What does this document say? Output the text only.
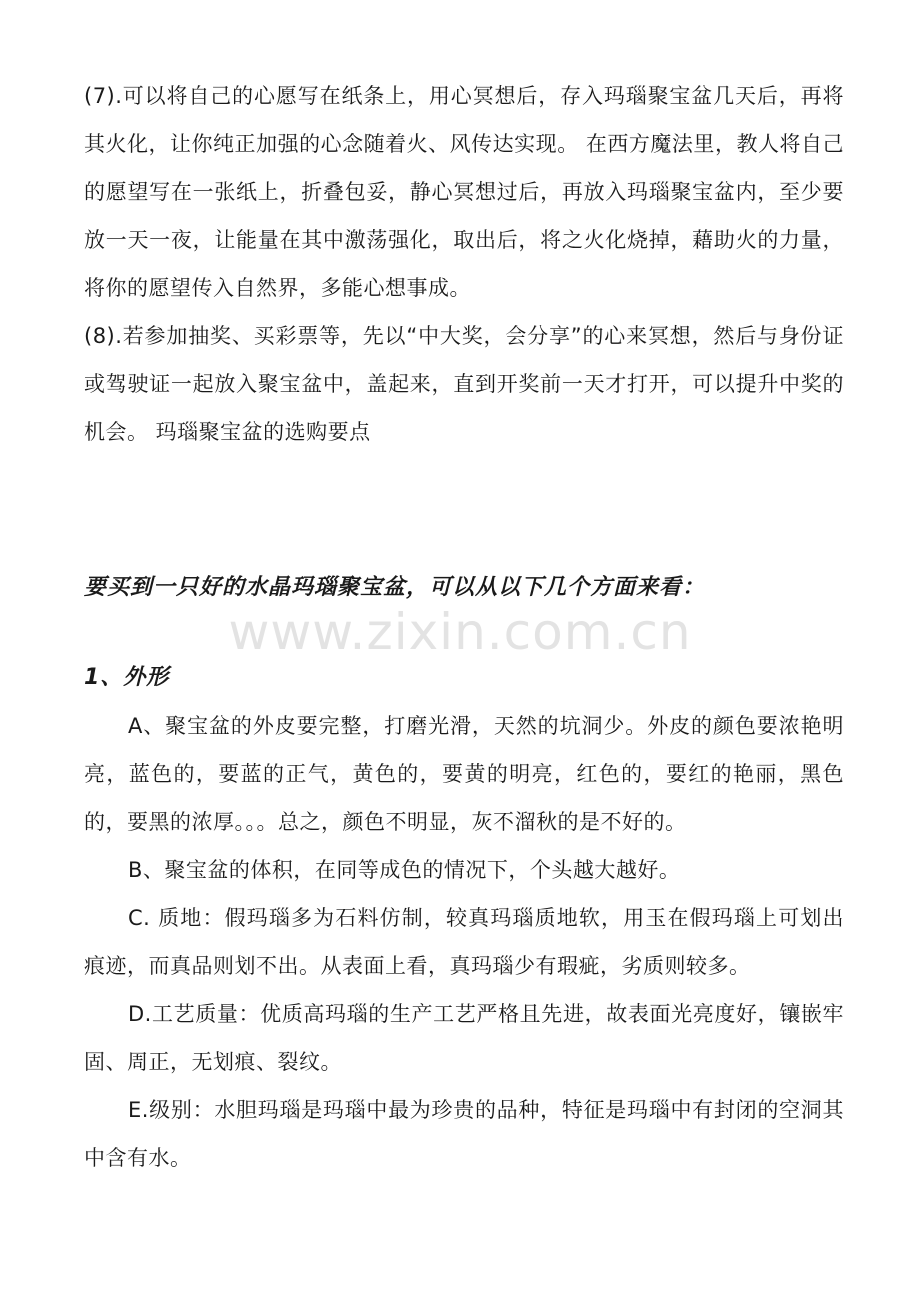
(7).可以将自己的心愿写在纸条上，用心冥想后，存入玛瑙聚宝盆几天后，再将其火化，让你纯正加强的心念随着火、风传达实现。 在西方魔法里，教人将自己的愿望写在一张纸上，折叠包妥，静心冥想过后，再放入玛瑙聚宝盆内，至少要放一天一夜，让能量在其中激荡强化，取出后，将之火化烧掉，藉助火的力量，将你的愿望传入自然界，多能心想事成。

(8).若参加抽奖、买彩票等，先以“中大奖，会分享”的心来冥想，然后与身份证或驾驶证一起放入聚宝盆中，盖起来，直到开奖前一天才打开，可以提升中奖的机会。 玛瑙聚宝盆的选购要点

要买到一只好的水晶玛瑙聚宝盆，可以从以下几个方面来看：

1、外形

A、聚宝盆的外皮要完整，打磨光滑，天然的坑洞少。外皮的颜色要浓艳明亮，蓝色的，要蓝的正气，黄色的，要黄的明亮，红色的，要红的艳丽，黑色的，要黑的浓厚。。。总之，颜色不明显，灰不溜秋的是不好的。

B、聚宝盆的体积，在同等成色的情况下，个头越大越好。

C. 质地：假玛瑙多为石料仿制，较真玛瑙质地软，用玉在假玛瑙上可划出痕迹，而真品则划不出。从表面上看，真玛瑙少有瑕疵，劣质则较多。

D.工艺质量：优质高玛瑙的生产工艺严格且先进，故表面光亮度好，镶嵌牢固、周正，无划痕、裂纹。

E.级别：水胆玛瑙是玛瑙中最为珍贵的品种，特征是玛瑙中有封闭的空洞其中含有水。

www.zixin.com.cn
